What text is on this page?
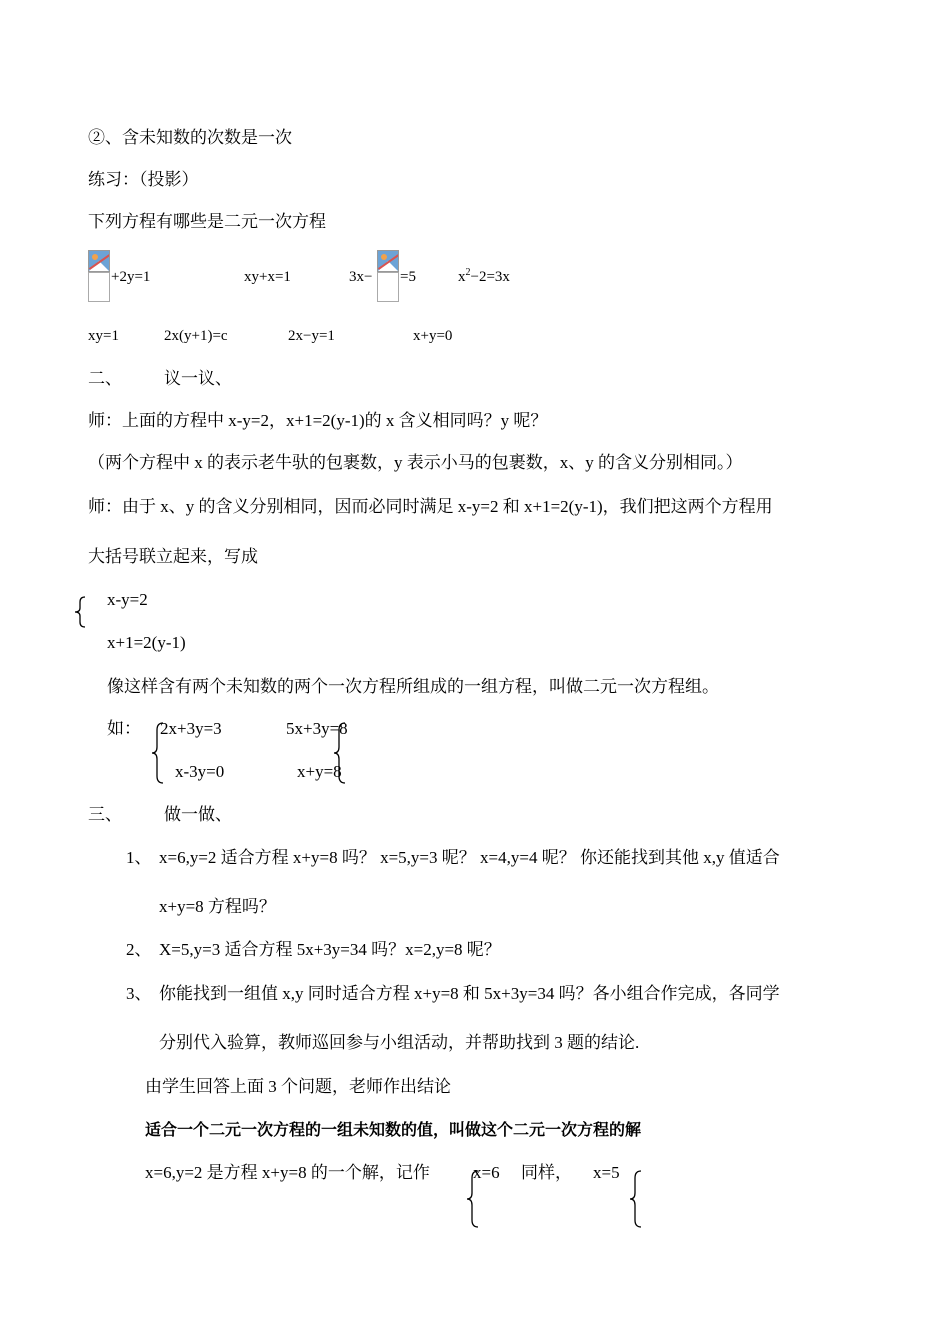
②、含未知数的次数是一次
练习：（投影）
下列方程有哪些是二元一次方程
+2y=1	xy+x=1	3x− =5	$x^2-2=3x$
xy=1	2x(y+1)=c	2x−y=1	x+y=0
二、 议一议、
师：上面的方程中 x-y=2，x+1=2(y-1)的 x 含义相同吗？y 呢？
（两个方程中 x 的表示老牛驮的包裹数，y 表示小马的包裹数，x、y 的含义分别相同。）
师：由于 x、y 的含义分别相同，因而必同时满足 x-y=2 和 x+1=2(y-1)，我们把这两个方程用
大括号联立起来，写成
x-y=2
x+1=2(y-1)
像这样含有两个未知数的两个一次方程所组成的一组方程，叫做二元一次方程组。
如： 2x+3y=3
x-3y=0
5x+3y=8
x+y=8
三、 做一做、
1、 x=6,y=2 适合方程 x+y=8 吗？ x=5,y=3 呢？ x=4,y=4 呢？ 你还能找到其他 x,y 值适合
x+y=8 方程吗？
2、 X=5,y=3 适合方程 5x+3y=34 吗？x=2,y=8 呢？
3、 你能找到一组值 x,y 同时适合方程 x+y=8 和 5x+3y=34 吗？各小组合作完成，各同学
分别代入验算，教师巡回参与小组活动，并帮助找到 3 题的结论.
由学生回答上面 3 个问题，老师作出结论
适合一个二元一次方程的一组未知数的值，叫做这个二元一次方程的解
x=6,y=2 是方程 x+y=8 的一个解，记作	x=6 同样， x=5
